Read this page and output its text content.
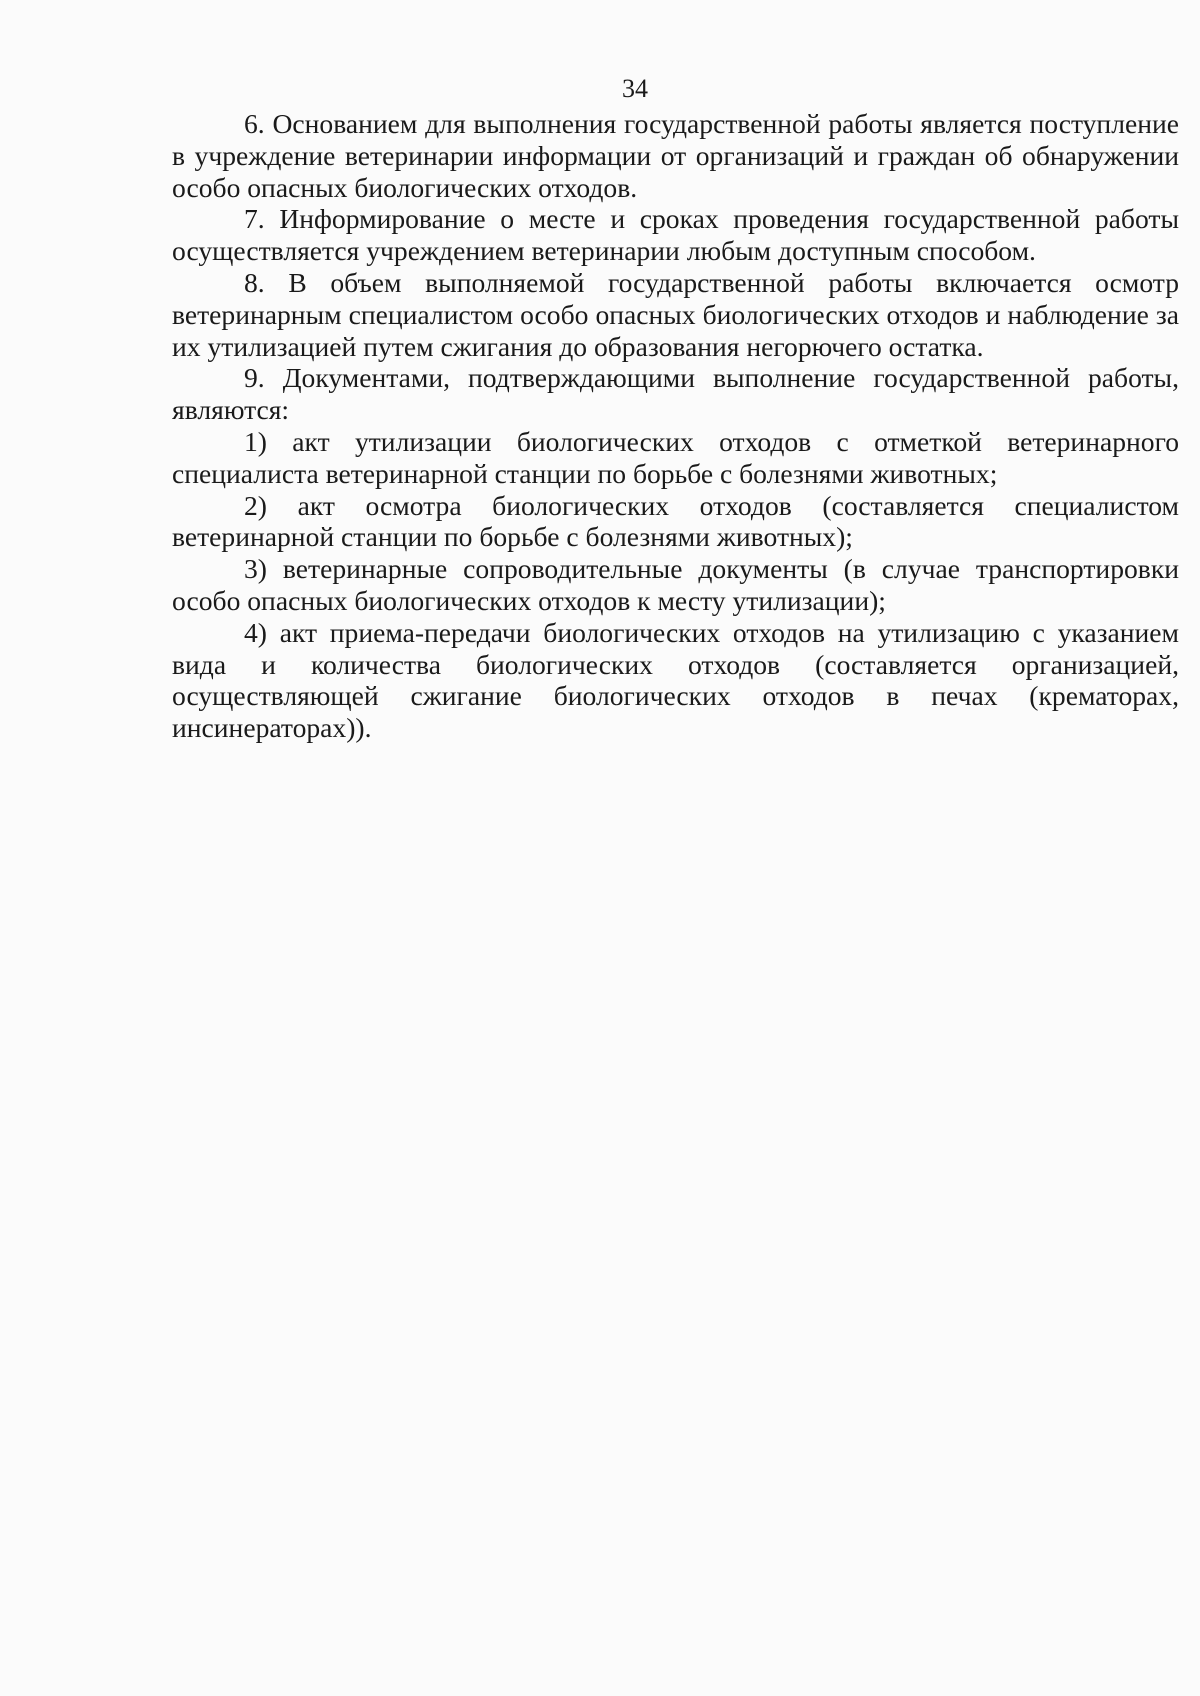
34

6. Основанием для выполнения государственной работы является поступление в учреждение ветеринарии информации от организаций и граждан об обнаружении особо опасных биологических отходов.

7. Информирование о месте и сроках проведения государственной работы осуществляется учреждением ветеринарии любым доступным способом.

8. В объем выполняемой государственной работы включается осмотр ветеринарным специалистом особо опасных биологических отходов и наблюдение за их утилизацией путем сжигания до образования негорючего остатка.

9. Документами, подтверждающими выполнение государственной работы, являются:

1) акт утилизации биологических отходов с отметкой ветеринарного специалиста ветеринарной станции по борьбе с болезнями животных;

2) акт осмотра биологических отходов (составляется специалистом ветеринарной станции по борьбе с болезнями животных);

3) ветеринарные сопроводительные документы (в случае транспортировки особо опасных биологических отходов к месту утилизации);

4) акт приема-передачи биологических отходов на утилизацию с указанием вида и количества биологических отходов (составляется организацией, осуществляющей сжигание биологических отходов в печах (крематорах, инсинераторах)).
